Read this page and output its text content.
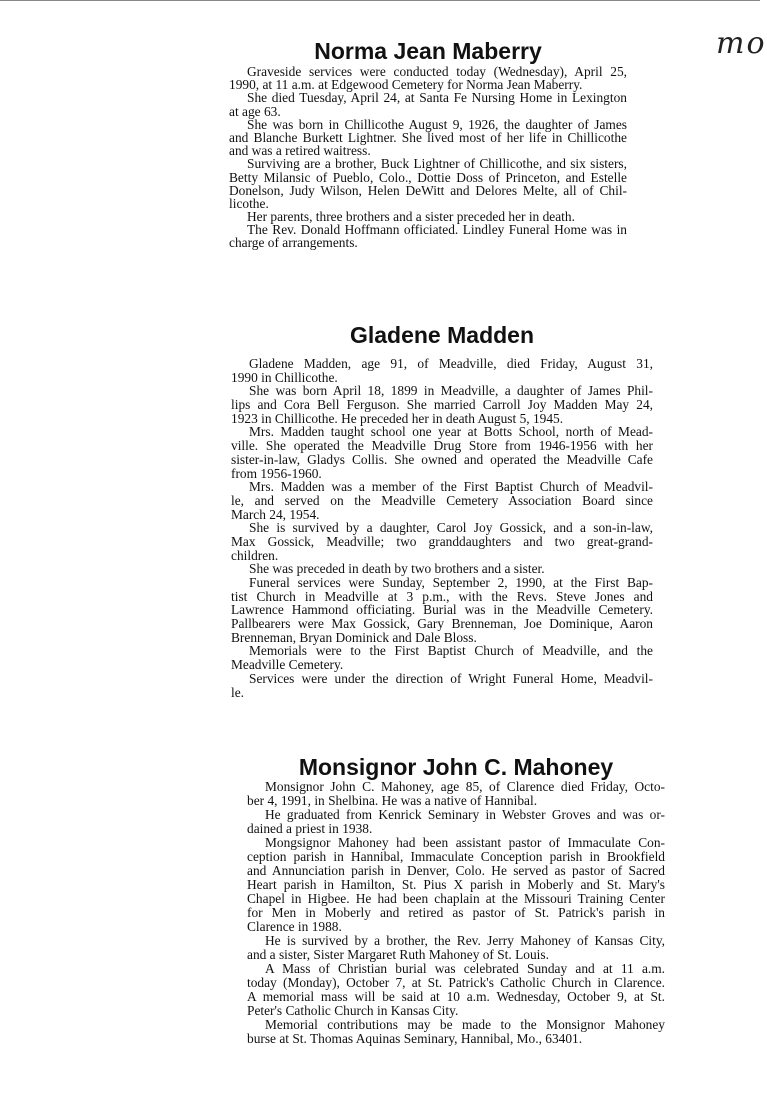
mo
Norma Jean Maberry
Graveside services were conducted today (Wednesday), April 25,
1990, at 11 a.m. at Edgewood Cemetery for Norma Jean Maberry.
She died Tuesday, April 24, at Santa Fe Nursing Home in Lexington
at age 63.
She was born in Chillicothe August 9, 1926, the daughter of James
and Blanche Burkett Lightner. She lived most of her life in Chillicothe
and was a retired waitress.
Surviving are a brother, Buck Lightner of Chillicothe, and six sisters,
Betty Milansic of Pueblo, Colo., Dottie Doss of Princeton, and Estelle
Donelson, Judy Wilson, Helen DeWitt and Delores Melte, all of Chil-
licothe.
Her parents, three brothers and a sister preceded her in death.
The Rev. Donald Hoffmann officiated. Lindley Funeral Home was in
charge of arrangements.
Gladene Madden
Gladene Madden, age 91, of Meadville, died Friday, August 31,
1990 in Chillicothe.
She was born April 18, 1899 in Meadville, a daughter of James Phil-
lips and Cora Bell Ferguson. She married Carroll Joy Madden May 24,
1923 in Chillicothe. He preceded her in death August 5, 1945.
Mrs. Madden taught school one year at Botts School, north of Mead-
ville. She operated the Meadville Drug Store from 1946-1956 with her
sister-in-law, Gladys Collis. She owned and operated the Meadville Cafe
from 1956-1960.
Mrs. Madden was a member of the First Baptist Church of Meadvil-
le, and served on the Meadville Cemetery Association Board since
March 24, 1954.
She is survived by a daughter, Carol Joy Gossick, and a son-in-law,
Max Gossick, Meadville; two granddaughters and two great-grand-
children.
She was preceded in death by two brothers and a sister.
Funeral services were Sunday, September 2, 1990, at the First Bap-
tist Church in Meadville at 3 p.m., with the Revs. Steve Jones and
Lawrence Hammond officiating. Burial was in the Meadville Cemetery.
Pallbearers were Max Gossick, Gary Brenneman, Joe Dominique, Aaron
Brenneman, Bryan Dominick and Dale Bloss.
Memorials were to the First Baptist Church of Meadville, and the
Meadville Cemetery.
Services were under the direction of Wright Funeral Home, Meadvil-
le.
Monsignor John C. Mahoney
Monsignor John C. Mahoney, age 85, of Clarence died Friday, Octo-
ber 4, 1991, in Shelbina. He was a native of Hannibal.
He graduated from Kenrick Seminary in Webster Groves and was or-
dained a priest in 1938.
Mongsignor Mahoney had been assistant pastor of Immaculate Con-
ception parish in Hannibal, Immaculate Conception parish in Brookfield
and Annunciation parish in Denver, Colo. He served as pastor of Sacred
Heart parish in Hamilton, St. Pius X parish in Moberly and St. Mary's
Chapel in Higbee. He had been chaplain at the Missouri Training Center
for Men in Moberly and retired as pastor of St. Patrick's parish in
Clarence in 1988.
He is survived by a brother, the Rev. Jerry Mahoney of Kansas City,
and a sister, Sister Margaret Ruth Mahoney of St. Louis.
A Mass of Christian burial was celebrated Sunday and at 11 a.m.
today (Monday), October 7, at St. Patrick's Catholic Church in Clarence.
A memorial mass will be said at 10 a.m. Wednesday, October 9, at St.
Peter's Catholic Church in Kansas City.
Memorial contributions may be made to the Monsignor Mahoney
burse at St. Thomas Aquinas Seminary, Hannibal, Mo., 63401.
